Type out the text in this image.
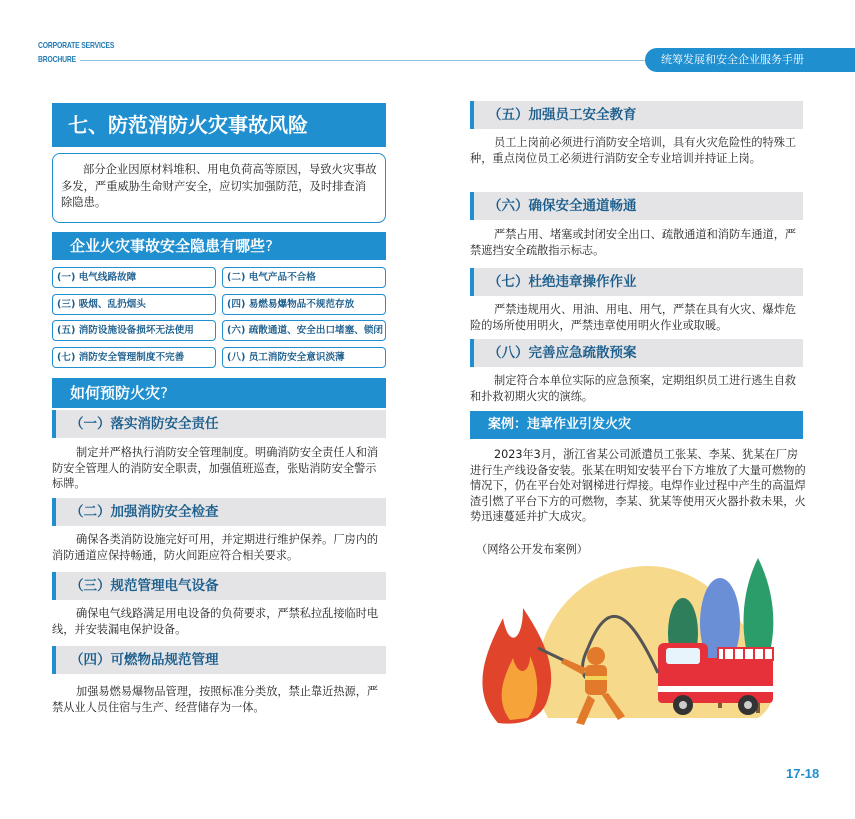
CORPORATE SERVICES
BROCHURE	统筹发展和安全企业服务手册
七、防范消防火灾事故风险
部分企业因原材料堆积、用电负荷高等原因，导致火灾事故多发，严重威胁生命财产安全，应切实加强防范，及时排查消除隐患。
企业火灾事故安全隐患有哪些?
(一) 电气线路故障	(二) 电气产品不合格
(三) 吸烟、乱扔烟头	(四) 易燃易爆物品不规范存放
(五) 消防设施设备损坏无法使用	(六) 疏散通道、安全出口堵塞、锁闭
(七) 消防安全管理制度不完善	(八) 员工消防安全意识淡薄
如何预防火灾?
（一）落实消防安全责任
制定并严格执行消防安全管理制度。明确消防安全责任人和消防安全管理人的消防安全职责，加强值班巡查，张贴消防安全警示标牌。
（二）加强消防安全检查
确保各类消防设施完好可用，并定期进行维护保养。厂房内的消防通道应保持畅通，防火间距应符合相关要求。
（三）规范管理电气设备
确保电气线路满足用电设备的负荷要求，严禁私拉乱接临时电线，并安装漏电保护设备。
（四）可燃物品规范管理
加强易燃易爆物品管理，按照标准分类放，禁止靠近热源，严禁从业人员住宿与生产、经营储存为一体。
（五）加强员工安全教育
员工上岗前必须进行消防安全培训，具有火灾危险性的特殊工种，重点岗位员工必须进行消防安全专业培训并持证上岗。
（六）确保安全通道畅通
严禁占用、堵塞或封闭安全出口、疏散通道和消防车通道，严禁遮挡安全疏散指示标志。
（七）杜绝违章操作作业
严禁违规用火、用油、用电、用气，严禁在具有火灾、爆炸危险的场所使用明火，严禁违章使用明火作业或取暖。
（八）完善应急疏散预案
制定符合本单位实际的应急预案，定期组织员工进行逃生自救和扑救初期火灾的演练。
案例：违章作业引发火灾
2023年3月，浙江省某公司派遣员工张某、李某、犹某在厂房进行生产线设备安装。张某在明知安装平台下方堆放了大量可燃物的情况下，仍在平台处对钢梯进行焊接。电焊作业过程中产生的高温焊渣引燃了平台下方的可燃物，李某、犹某等使用灭火器扑救未果，火势迅速蔓延并扩大成灾。
（网络公开发布案例）
17-18
